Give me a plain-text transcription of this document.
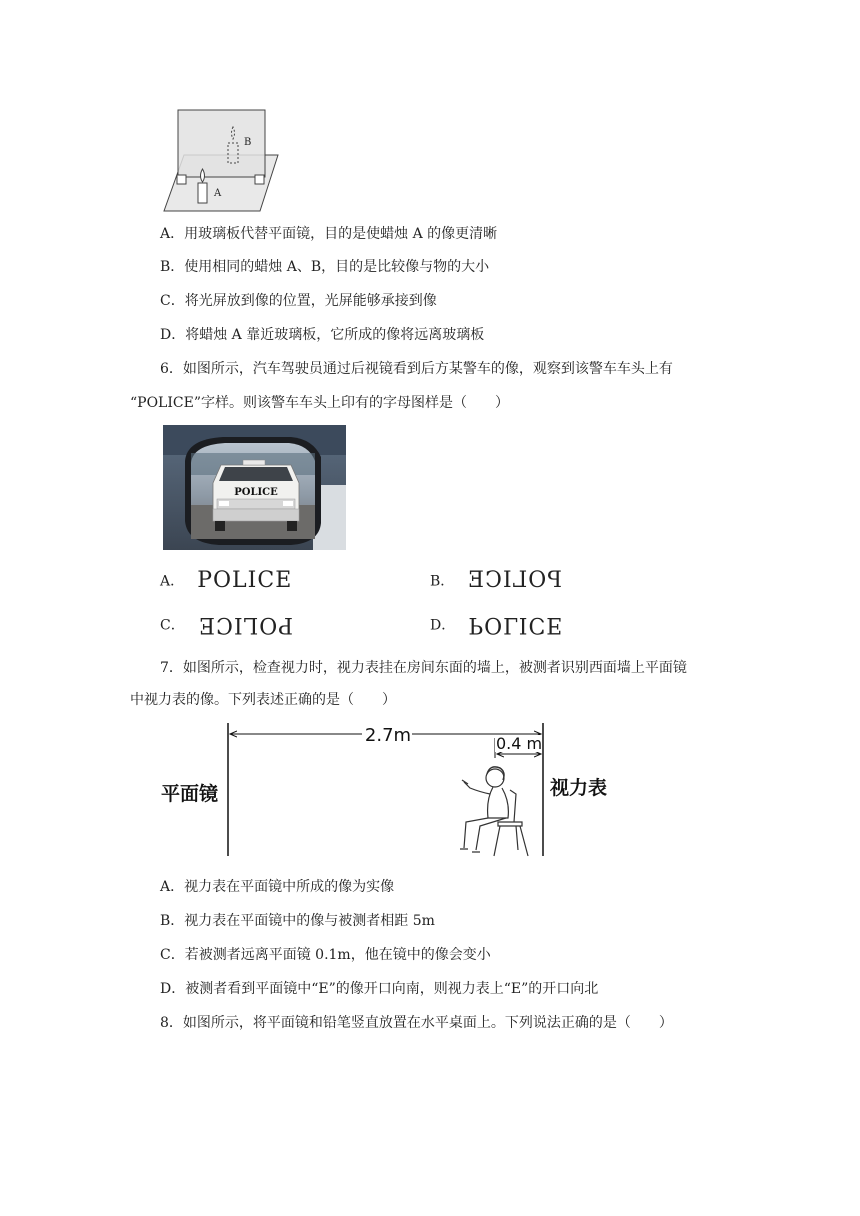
B
A
A．用玻璃板代替平面镜，目的是使蜡烛 A 的像更清晰
B．使用相同的蜡烛 A、B，目的是比较像与物的大小
C．将光屏放到像的位置，光屏能够承接到像
D．将蜡烛 A 靠近玻璃板，它所成的像将远离玻璃板
6．如图所示，汽车驾驶员通过后视镜看到后方某警车的像，观察到该警车车头上有
“POLICE”字样。则该警车车头上印有的字母图样是（　　）
POLICE
A． POLICE	B． POLICE
C． POLICE	D． POLICE
7．如图所示，检查视力时，视力表挂在房间东面的墙上，被测者识别西面墙上平面镜
中视力表的像。下列表述正确的是（　　）
2.7m	0.4 m
平面镜	视力表
A．视力表在平面镜中所成的像为实像
B．视力表在平面镜中的像与被测者相距 5m
C．若被测者远离平面镜 0.1m，他在镜中的像会变小
D．被测者看到平面镜中“E”的像开口向南，则视力表上“E”的开口向北
8．如图所示，将平面镜和铅笔竖直放置在水平桌面上。下列说法正确的是（　　）
